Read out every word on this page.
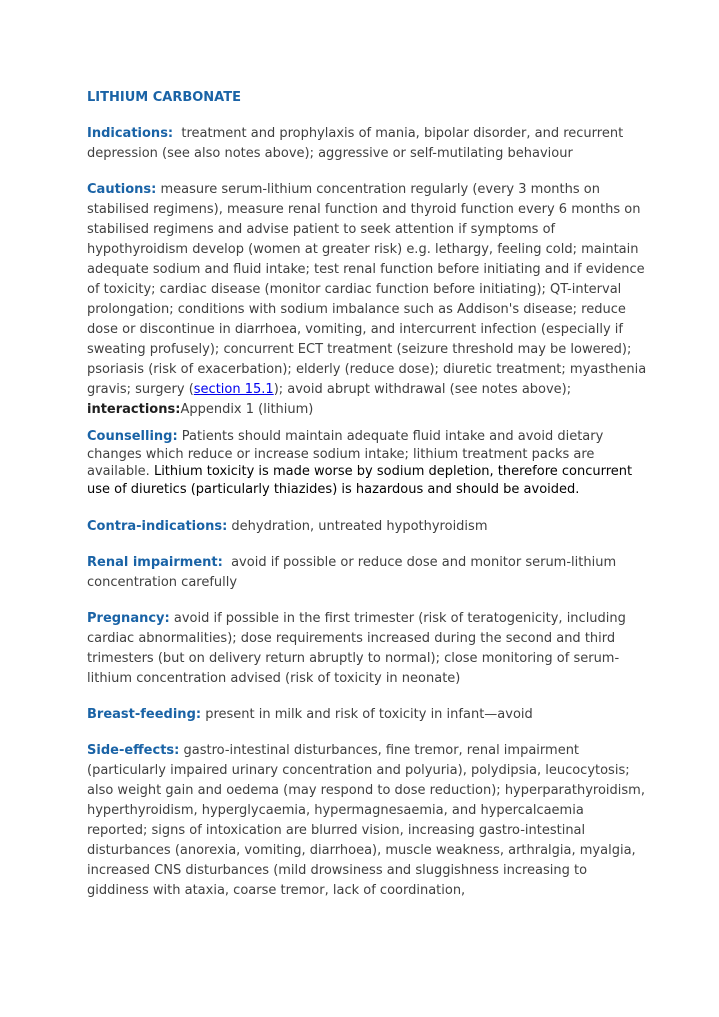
LITHIUM CARBONATE

Indications:  treatment and prophylaxis of mania, bipolar disorder, and recurrent depression (see also notes above); aggressive or self-mutilating behaviour

Cautions: measure serum-lithium concentration regularly (every 3 months on stabilised regimens), measure renal function and thyroid function every 6 months on stabilised regimens and advise patient to seek attention if symptoms of hypothyroidism develop (women at greater risk) e.g. lethargy, feeling cold; maintain adequate sodium and fluid intake; test renal function before initiating and if evidence of toxicity; cardiac disease (monitor cardiac function before initiating); QT-interval prolongation; conditions with sodium imbalance such as Addison's disease; reduce dose or discontinue in diarrhoea, vomiting, and intercurrent infection (especially if sweating profusely); concurrent ECT treatment (seizure threshold may be lowered); psoriasis (risk of exacerbation); elderly (reduce dose); diuretic treatment; myasthenia gravis; surgery (section 15.1); avoid abrupt withdrawal (see notes above); interactions:Appendix 1 (lithium)

Counselling: Patients should maintain adequate fluid intake and avoid dietary changes which reduce or increase sodium intake; lithium treatment packs are available. Lithium toxicity is made worse by sodium depletion, therefore concurrent use of diuretics (particularly thiazides) is hazardous and should be avoided.

Contra-indications: dehydration, untreated hypothyroidism

Renal impairment:  avoid if possible or reduce dose and monitor serum-lithium concentration carefully

Pregnancy: avoid if possible in the first trimester (risk of teratogenicity, including cardiac abnormalities); dose requirements increased during the second and third trimesters (but on delivery return abruptly to normal); close monitoring of serum-lithium concentration advised (risk of toxicity in neonate)

Breast-feeding: present in milk and risk of toxicity in infant—avoid

Side-effects: gastro-intestinal disturbances, fine tremor, renal impairment (particularly impaired urinary concentration and polyuria), polydipsia, leucocytosis; also weight gain and oedema (may respond to dose reduction); hyperparathyroidism, hyperthyroidism, hyperglycaemia, hypermagnesaemia, and hypercalcaemia reported; signs of intoxication are blurred vision, increasing gastro-intestinal disturbances (anorexia, vomiting, diarrhoea), muscle weakness, arthralgia, myalgia, increased CNS disturbances (mild drowsiness and sluggishness increasing to giddiness with ataxia, coarse tremor, lack of coordination,
